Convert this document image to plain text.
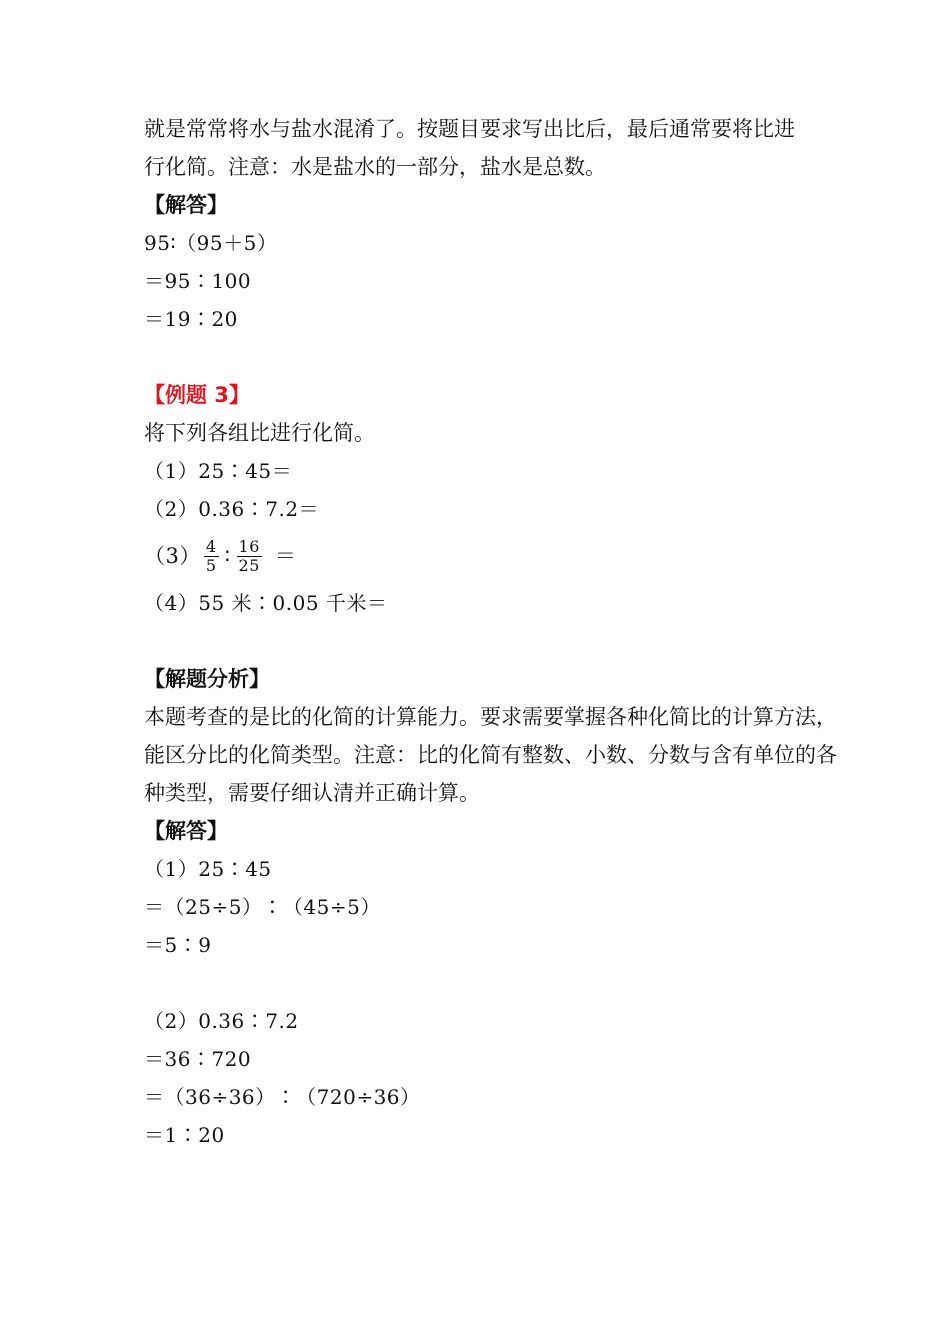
就是常常将水与盐水混淆了。按题目要求写出比后，最后通常要将比进
行化简。注意：水是盐水的一部分，盐水是总数。
【解答】
95∶（95＋5）
＝95∶100
＝19∶20
【例题 3】
将下列各组比进行化简。
（1）25∶45＝
（2）0.36∶7.2＝
$(3) \frac{4}{5}$ ∶ $\frac{16}{25}$ ＝
（4）55 米∶0.05 千米＝
【解题分析】
本题考查的是比的化简的计算能力。要求需要掌握各种化简比的计算方法，能区分比的化简类型。注意：比的化简有整数、小数、分数与含有单位的各种类型，需要仔细认清并正确计算。
【解答】
（1）25∶45
＝（25÷5）∶（45÷5）
＝5∶9
（2）0.36∶7.2
＝36∶720
＝（36÷36）∶（720÷36）
＝1∶20
